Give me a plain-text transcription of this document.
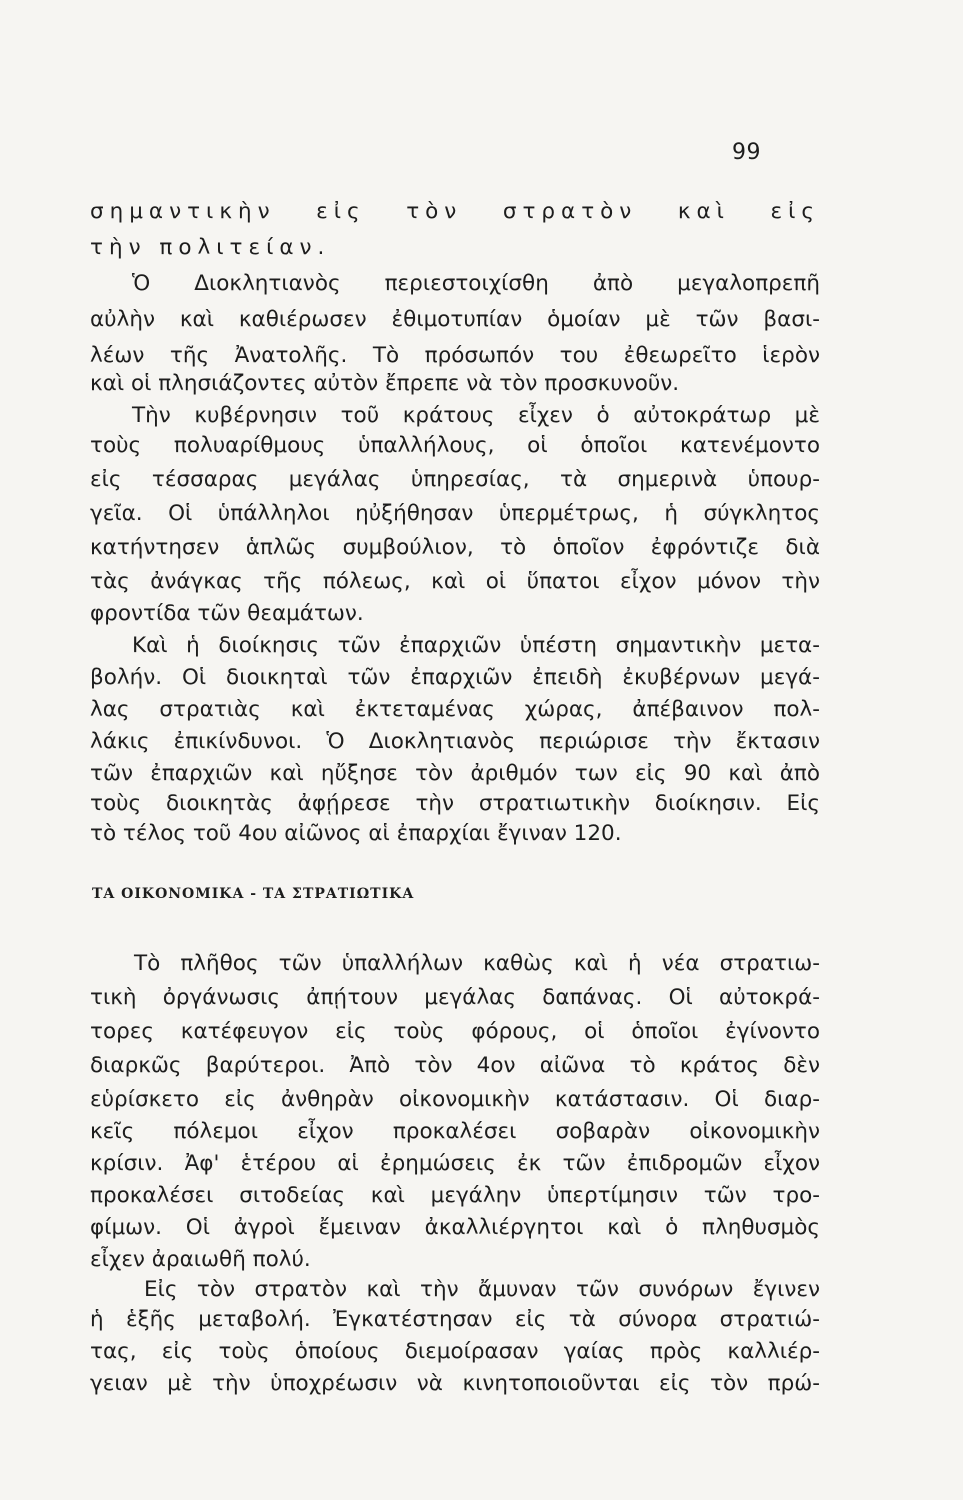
99
σημαντικὴν εἰς τὸν στρατὸν καὶ εἰς
τὴν πολιτείαν.
Ὁ Διοκλητιανὸς περιεστοιχίσθη ἀπὸ μεγαλοπρεπῆ
αὐλὴν καὶ καθιέρωσεν ἐθιμοτυπίαν ὁμοίαν μὲ τῶν βασι-
λέων τῆς Ἀνατολῆς. Τὸ πρόσωπόν του ἐθεωρεῖτο ἱερὸν
καὶ οἱ πλησιάζοντες αὐτὸν ἔπρεπε νὰ τὸν προσκυνοῦν.
Τὴν κυβέρνησιν τοῦ κράτους εἶχεν ὁ αὐτοκράτωρ μὲ
τοὺς πολυαρίθμους ὑπαλλήλους, οἱ ὁποῖοι κατενέμοντο
εἰς τέσσαρας μεγάλας ὑπηρεσίας, τὰ σημερινὰ ὑπουρ-
γεῖα. Οἱ ὑπάλληλοι ηὐξήθησαν ὑπερμέτρως, ἡ σύγκλητος
κατήντησεν ἁπλῶς συμβούλιον, τὸ ὁποῖον ἐφρόντιζε διὰ
τὰς ἀνάγκας τῆς πόλεως, καὶ οἱ ὕπατοι εἶχον μόνον τὴν
φροντίδα τῶν θεαμάτων.
Καὶ ἡ διοίκησις τῶν ἐπαρχιῶν ὑπέστη σημαντικὴν μετα-
βολήν. Οἱ διοικηταὶ τῶν ἐπαρχιῶν ἐπειδὴ ἐκυβέρνων μεγά-
λας στρατιὰς καὶ ἐκτεταμένας χώρας, ἀπέβαινον πολ-
λάκις ἐπικίνδυνοι. Ὁ Διοκλητιανὸς περιώρισε τὴν ἔκτασιν
τῶν ἐπαρχιῶν καὶ ηὔξησε τὸν ἀριθμόν των εἰς 90 καὶ ἀπὸ
τοὺς διοικητὰς ἀφῄρεσε τὴν στρατιωτικὴν διοίκησιν. Εἰς
τὸ τέλος τοῦ 4ου αἰῶνος αἱ ἐπαρχίαι ἔγιναν 120.
ΤΑ ΟΙΚΟΝΟΜΙΚΑ - ΤΑ ΣΤΡΑΤΙΩΤΙΚΑ
Τὸ πλῆθος τῶν ὑπαλλήλων καθὼς καὶ ἡ νέα στρατιω-
τικὴ ὀργάνωσις ἀπῄτουν μεγάλας δαπάνας. Οἱ αὐτοκρά-
τορες κατέφευγον εἰς τοὺς φόρους, οἱ ὁποῖοι ἐγίνοντο
διαρκῶς βαρύτεροι. Ἀπὸ τὸν 4ον αἰῶνα τὸ κράτος δὲν
εὑρίσκετο εἰς ἀνθηρὰν οἰκονομικὴν κατάστασιν. Οἱ διαρ-
κεῖς πόλεμοι εἶχον προκαλέσει σοβαρὰν οἰκονομικὴν
κρίσιν. Ἀφ' ἑτέρου αἱ ἐρημώσεις ἐκ τῶν ἐπιδρομῶν εἶχον
προκαλέσει σιτοδείας καὶ μεγάλην ὑπερτίμησιν τῶν τρο-
φίμων. Οἱ ἀγροὶ ἔμειναν ἀκαλλιέργητοι καὶ ὁ πληθυσμὸς
εἶχεν ἀραιωθῆ πολύ.
Εἰς τὸν στρατὸν καὶ τὴν ἄμυναν τῶν συνόρων ἔγινεν
ἡ ἑξῆς μεταβολή. Ἐγκατέστησαν εἰς τὰ σύνορα στρατιώ-
τας, εἰς τοὺς ὁποίους διεμοίρασαν γαίας πρὸς καλλιέρ-
γειαν μὲ τὴν ὑποχρέωσιν νὰ κινητοποιοῦνται εἰς τὸν πρώ-
